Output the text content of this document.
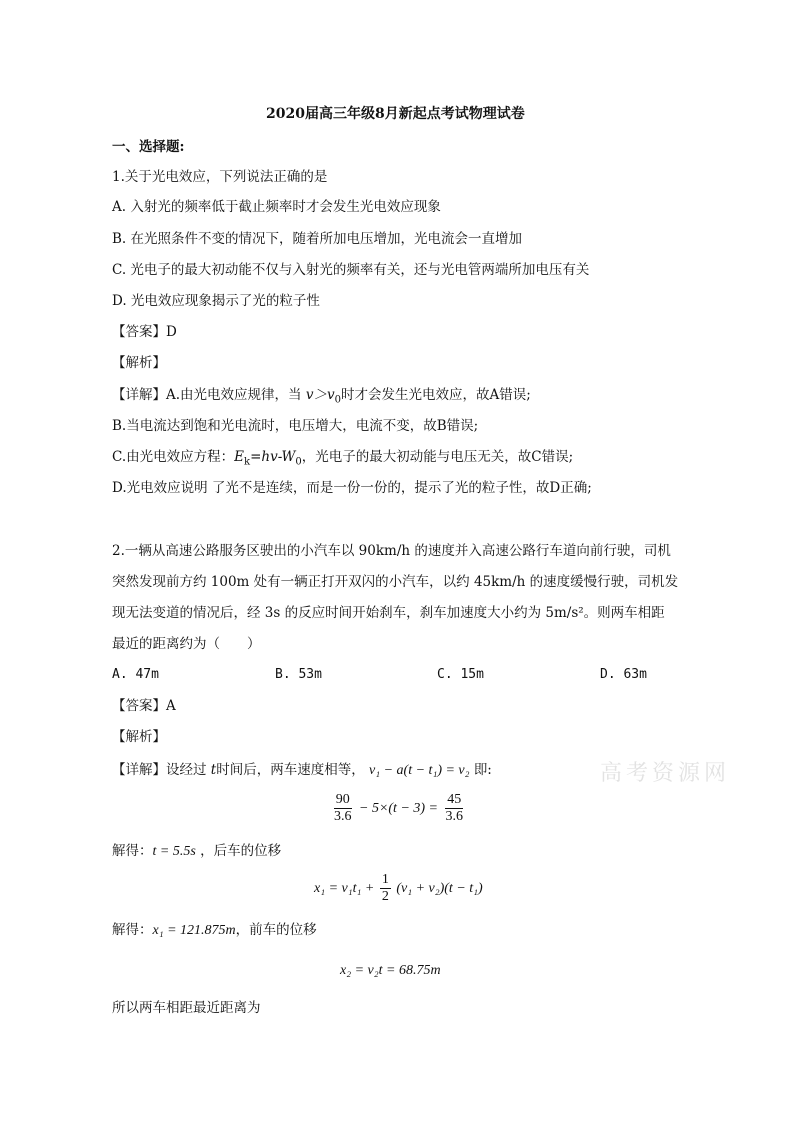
2020届高三年级8月新起点考试物理试卷
一、选择题:
1.关于光电效应，下列说法正确的是
A. 入射光的频率低于截止频率时才会发生光电效应现象
B. 在光照条件不变的情况下，随着所加电压增加，光电流会一直增加
C. 光电子的最大初动能不仅与入射光的频率有关，还与光电管两端所加电压有关
D. 光电效应现象揭示了光的粒子性
【答案】D
【解析】
【详解】A.由光电效应规律，当 $v>v_0$时才会发生光电效应，故A错误;
B.当电流达到饱和光电流时，电压增大，电流不变，故B错误;
C.由光电效应方程：$E_k=hv-W_0$，光电子的最大初动能与电压无关，故C错误;
D.光电效应说明 了光不是连续，而是一份一份的，提示了光的粒子性，故D正确;
2.一辆从高速公路服务区驶出的小汽车以 90km/h 的速度并入高速公路行车道向前行驶，司机
突然发现前方约 100m 处有一辆正打开双闪的小汽车，以约 45km/h 的速度缓慢行驶，司机发
现无法变道的情况后，经 3s 的反应时间开始刹车，刹车加速度大小约为 5m/s²。则两车相距
最近的距离约为（　　）
A. 47m	B. 53m	C. 15m	D. 63m
【答案】A
【解析】
【详解】设经过 t时间后，两车速度相等， v₁ − a(t − t₁) = v₂ 即:	高考资源网
$\frac{90}{3.6} - 5\times(t - 3) = \frac{45}{3.6}$
解得：t = 5.5s ，后车的位移
$x_1 = v_1t_1 + \frac{1}{2} (v_1 + v_2)(t - t_1)$
解得：x₁ = 121.875m，前车的位移
x₂ = v₂t = 68.75m
所以两车相距最近距离为
